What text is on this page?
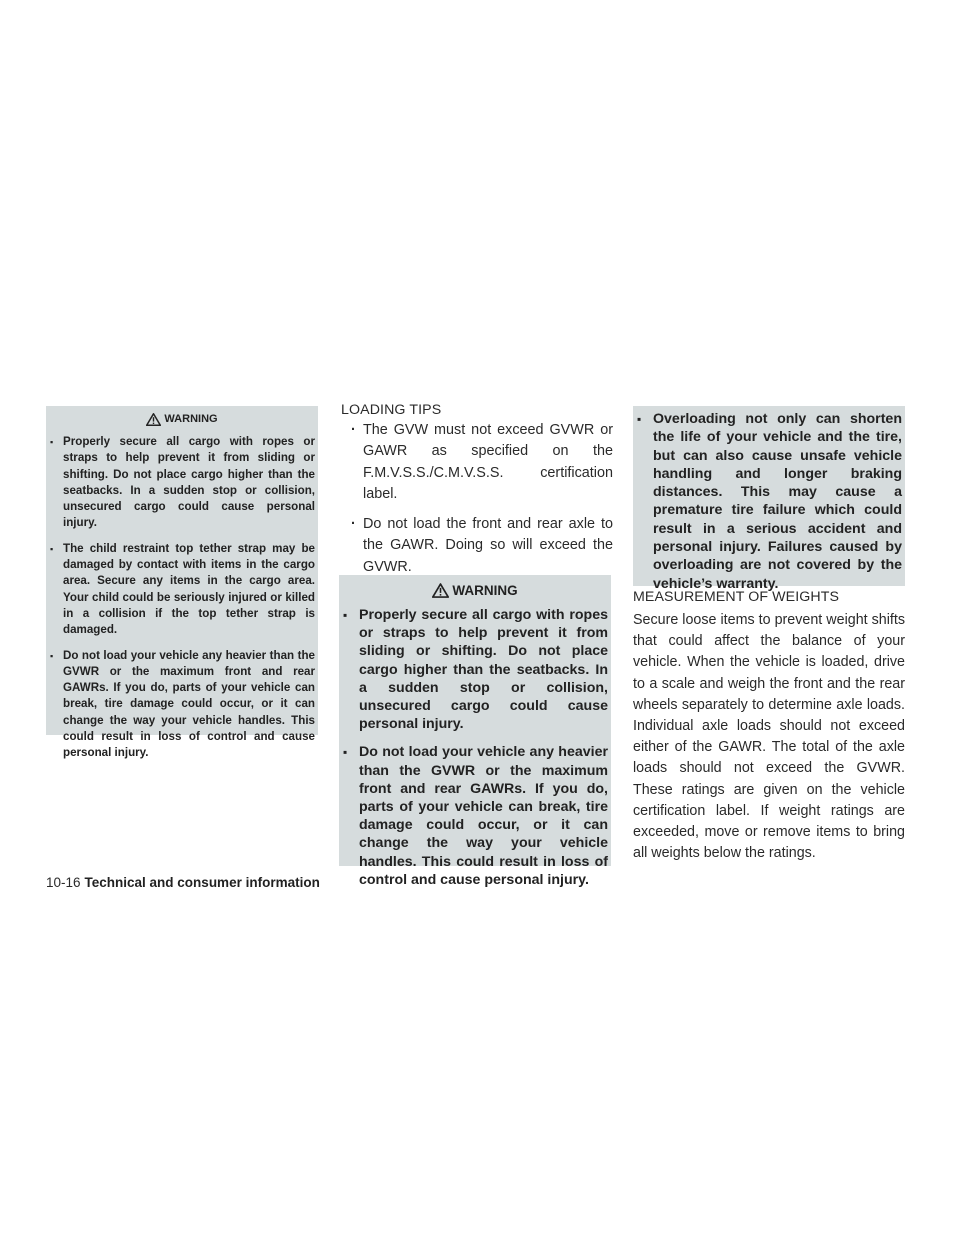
WARNING
▪ Properly secure all cargo with ropes or straps to help prevent it from sliding or shifting. Do not place cargo higher than the seatbacks. In a sudden stop or collision, unsecured cargo could cause personal injury.
▪ The child restraint top tether strap may be damaged by contact with items in the cargo area. Secure any items in the cargo area. Your child could be seriously injured or killed in a collision if the top tether strap is damaged.
▪ Do not load your vehicle any heavier than the GVWR or the maximum front and rear GAWRs. If you do, parts of your vehicle can break, tire damage could occur, or it can change the way your vehicle handles. This could result in loss of control and cause personal injury.
LOADING TIPS
· The GVW must not exceed GVWR or GAWR as specified on the F.M.V.S.S./C.M.V.S.S. certification label.
· Do not load the front and rear axle to the GAWR. Doing so will exceed the GVWR.
WARNING
▪ Properly secure all cargo with ropes or straps to help prevent it from sliding or shifting. Do not place cargo higher than the seatbacks. In a sudden stop or collision, unsecured cargo could cause personal injury.
▪ Do not load your vehicle any heavier than the GVWR or the maximum front and rear GAWRs. If you do, parts of your vehicle can break, tire damage could occur, or it can change the way your vehicle handles. This could result in loss of control and cause personal injury.
▪ Overloading not only can shorten the life of your vehicle and the tire, but can also cause unsafe vehicle handling and longer braking distances. This may cause a premature tire failure which could result in a serious accident and personal injury. Failures caused by overloading are not covered by the vehicle’s warranty.
MEASUREMENT OF WEIGHTS

Secure loose items to prevent weight shifts that could affect the balance of your vehicle. When the vehicle is loaded, drive to a scale and weigh the front and the rear wheels separately to determine axle loads. Individual axle loads should not exceed either of the GAWR. The total of the axle loads should not exceed the GVWR. These ratings are given on the vehicle certification label. If weight ratings are exceeded, move or remove items to bring all weights below the ratings.

10-16 Technical and consumer information
